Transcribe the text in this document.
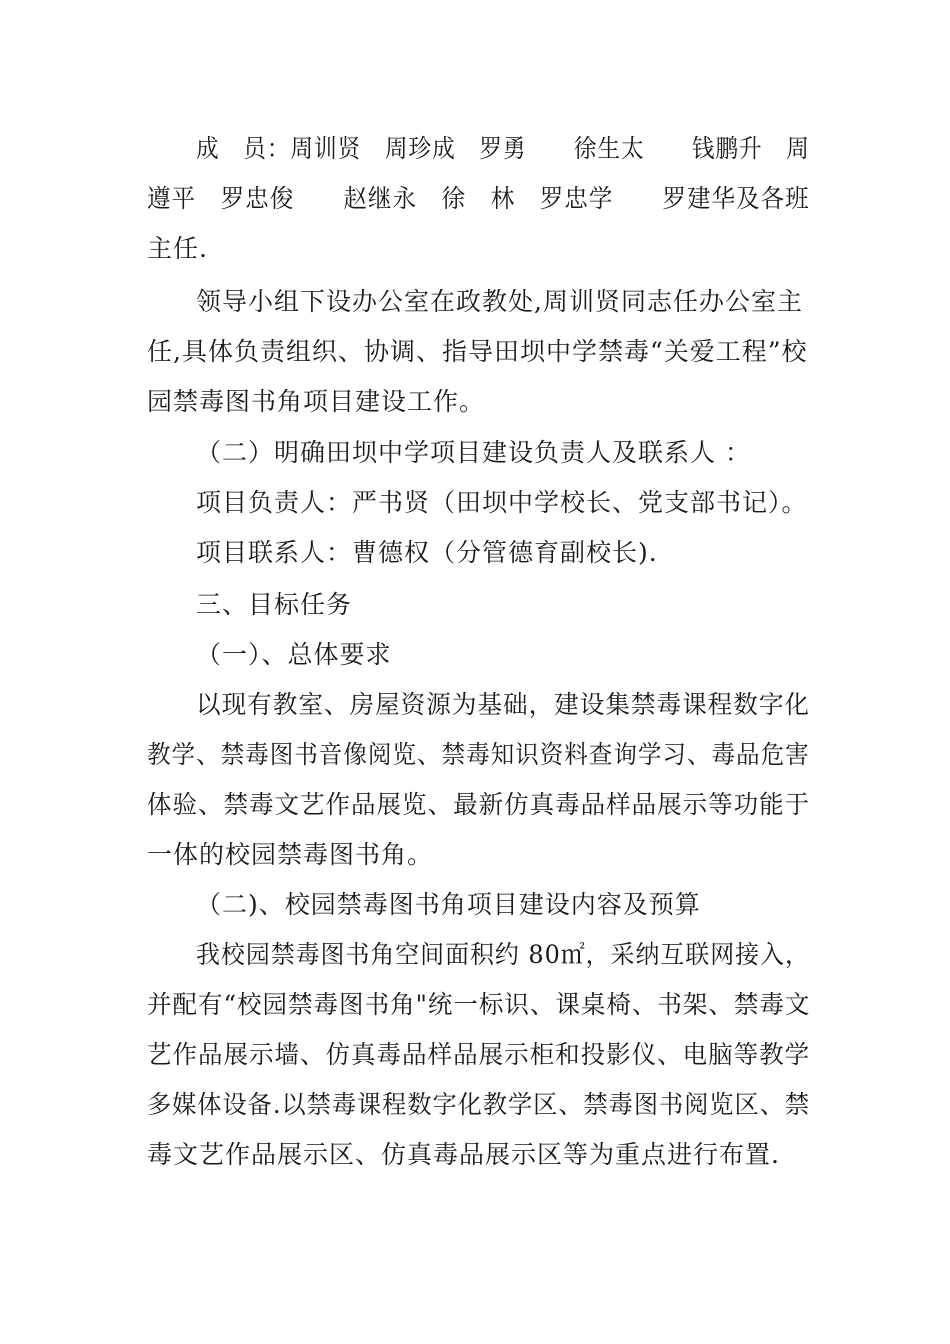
成　员：周训贤　周珍成　罗勇　　徐生太　　钱鹏升　周
遵平　罗忠俊　　赵继永　徐　林　罗忠学　　罗建华及各班
主任.
领导小组下设办公室在政教处,周训贤同志任办公室主
任,具体负责组织、协调、指导田坝中学禁毒“关爱工程”校
园禁毒图书角项目建设工作。
（二）明确田坝中学项目建设负责人及联系人 ：
项目负责人：严书贤（田坝中学校长、党支部书记）。
项目联系人：曹德权（分管德育副校长).
三、目标任务
（一）、总体要求
以现有教室、房屋资源为基础，建设集禁毒课程数字化
教学、禁毒图书音像阅览、禁毒知识资料查询学习、毒品危害
体验、禁毒文艺作品展览、最新仿真毒品样品展示等功能于
一体的校园禁毒图书角。
（二)、校园禁毒图书角项目建设内容及预算
我校园禁毒图书角空间面积约 80㎡，采纳互联网接入，
并配有“校园禁毒图书角"统一标识、课桌椅、书架、禁毒文
艺作品展示墙、仿真毒品样品展示柜和投影仪、电脑等教学
多媒体设备.以禁毒课程数字化教学区、禁毒图书阅览区、禁
毒文艺作品展示区、仿真毒品展示区等为重点进行布置.
